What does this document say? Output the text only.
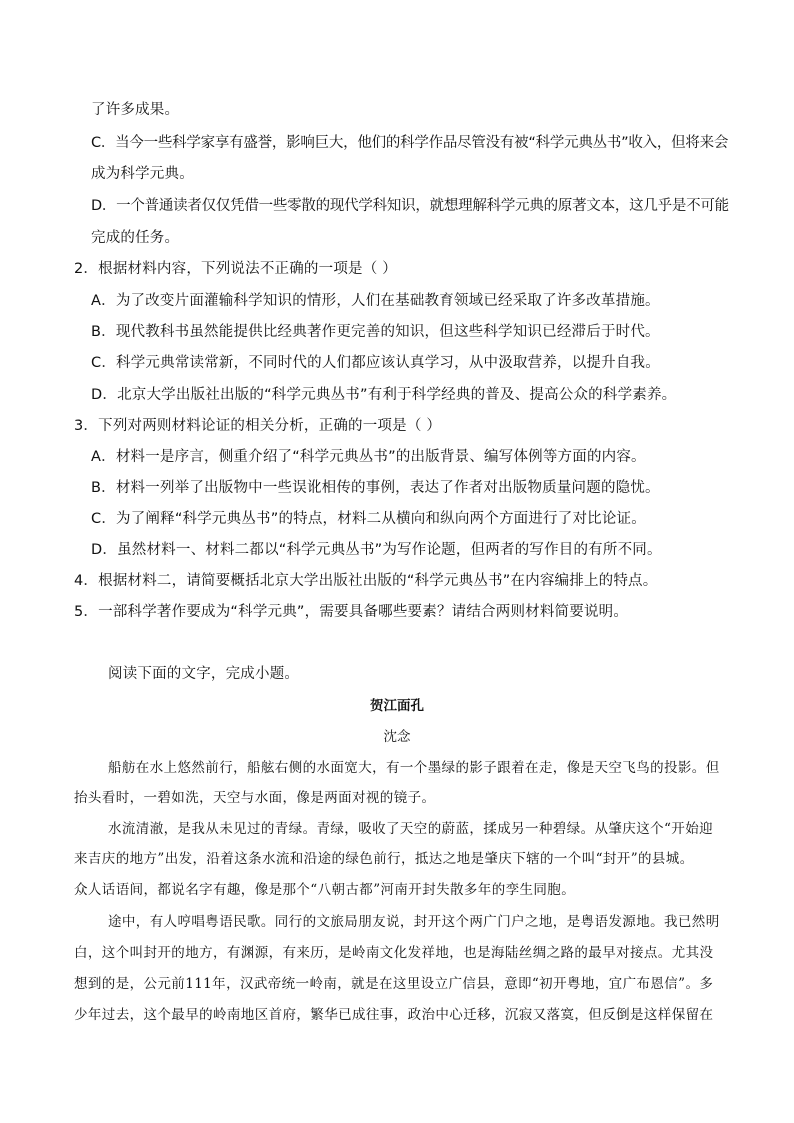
了许多成果。
C．当今一些科学家享有盛誉，影响巨大，他们的科学作品尽管没有被“科学元典丛书”收入，但将来会
成为科学元典。
D．一个普通读者仅仅凭借一些零散的现代学科知识，就想理解科学元典的原著文本，这几乎是不可能
完成的任务。
2．根据材料内容，下列说法不正确的一项是（ ）
A．为了改变片面灌输科学知识的情形，人们在基础教育领域已经采取了许多改革措施。
B．现代教科书虽然能提供比经典著作更完善的知识，但这些科学知识已经滞后于时代。
C．科学元典常读常新，不同时代的人们都应该认真学习，从中汲取营养，以提升自我。
D．北京大学出版社出版的“科学元典丛书”有利于科学经典的普及、提高公众的科学素养。
3．下列对两则材料论证的相关分析，正确的一项是（ ）
A．材料一是序言，侧重介绍了“科学元典丛书”的出版背景、编写体例等方面的内容。
B．材料一列举了出版物中一些误讹相传的事例，表达了作者对出版物质量问题的隐忧。
C．为了阐释“科学元典丛书”的特点，材料二从横向和纵向两个方面进行了对比论证。
D．虽然材料一、材料二都以“科学元典丛书”为写作论题，但两者的写作目的有所不同。
4．根据材料二，请简要概括北京大学出版社出版的“科学元典丛书”在内容编排上的特点。
5．一部科学著作要成为“科学元典”，需要具备哪些要素？请结合两则材料简要说明。
阅读下面的文字，完成小题。
贺江面孔
沈念
船舫在水上悠然前行，船舷右侧的水面宽大，有一个墨绿的影子跟着在走，像是天空飞鸟的投影。但
抬头看时，一碧如洗，天空与水面，像是两面对视的镜子。
水流清澈，是我从未见过的青绿。青绿，吸收了天空的蔚蓝，揉成另一种碧绿。从肇庆这个“开始迎
来吉庆的地方”出发，沿着这条水流和沿途的绿色前行，抵达之地是肇庆下辖的一个叫“封开”的县城。
众人话语间，都说名字有趣，像是那个“八朝古都”河南开封失散多年的孪生同胞。
途中，有人哼唱粤语民歌。同行的文旅局朋友说，封开这个两广门户之地，是粤语发源地。我已然明
白，这个叫封开的地方，有渊源，有来历，是岭南文化发祥地，也是海陆丝绸之路的最早对接点。尤其没
想到的是，公元前111年，汉武帝统一岭南，就是在这里设立广信县，意即“初开粤地，宜广布恩信”。多
少年过去，这个最早的岭南地区首府，繁华已成往事，政治中心迁移，沉寂又落寞，但反倒是这样保留在
